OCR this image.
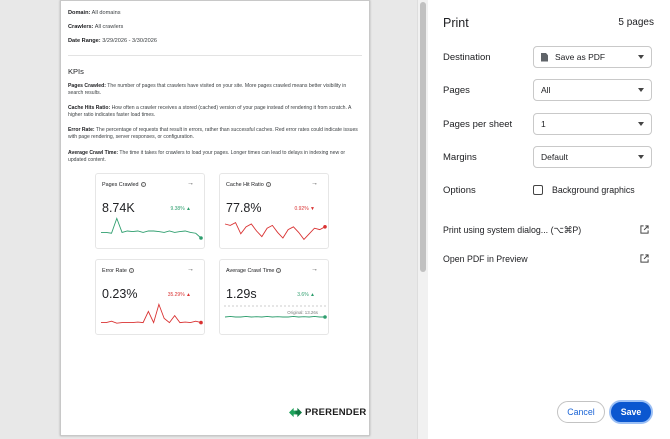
Domain: All domains
Crawlers: All crawlers
Date Range: 3/29/2026 - 3/30/2026
KPIs
Pages Crawled: The number of pages that crawlers have visited on your site. More pages crawled means better visibility in search results.
Cache Hits Ratio: How often a crawler receives a stored (cached) version of your page instead of rendering it from scratch. A higher ratio indicates faster load times.
Error Rate: The percentage of requests that result in errors, rather than successful caches. Red error rates could indicate issues with page rendering, server responses, or configuration.
Average Crawl Time: The time it takes for crawlers to load your pages. Longer times can lead to delays in indexing new or updated content.
Pages Crawled i	→
8.74K	9.38% ▲
Cache Hit Ratio i	→
77.8%	0.92% ▼
Error Rate i	→
0.23%	35.29% ▲
Average Crawl Time i	→
1.29s	3.6% ▲
Original: 13.26s
PRERENDER
Print	5 pages
Destination	Save as PDF
Pages	All
Pages per sheet	1
Margins	Default
Options	Background graphics
Print using system dialog... (⌥⌘P)
Open PDF in Preview
Cancel	Save
